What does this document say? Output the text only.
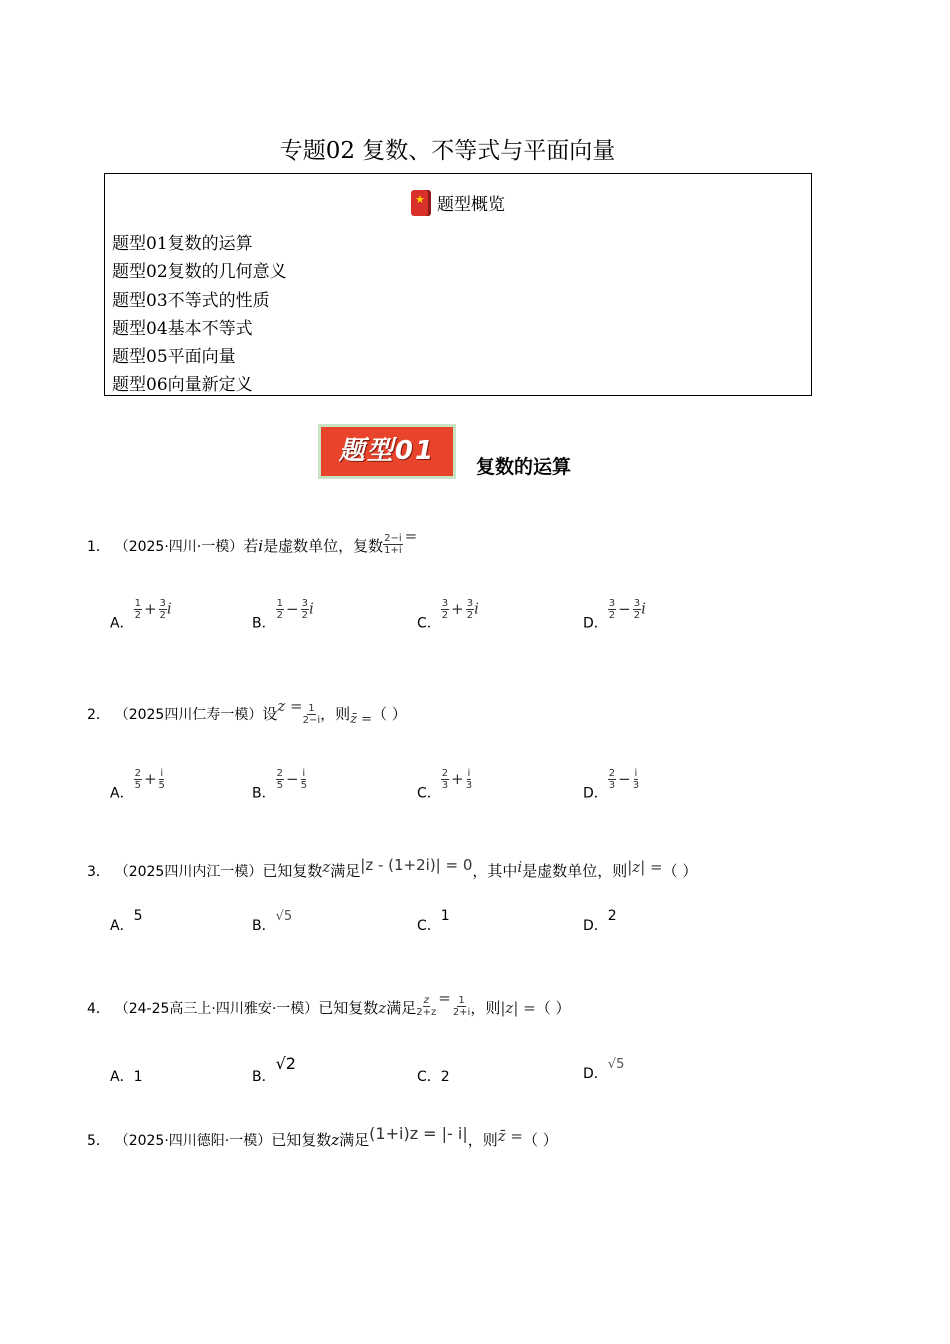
专题02 复数、不等式与平面向量
★ 题型概览
题型01复数的运算
题型02复数的几何意义
题型03不等式的性质
题型04基本不等式
题型05平面向量
题型06向量新定义
题型01
复数的运算
1． （2025·四川·一模）若i是虚数单位，复数 $\frac{2-i}{1+i}$ =
A．
$\frac{1}{2} + \frac{3}{2}$ i
B．
$\frac{1}{2} - \frac{3}{2}$ i
C．
$\frac{3}{2} + \frac{3}{2}$ i
D．
$\frac{3}{2} - \frac{3}{2}$ i
2． （2025四川仁寿一模）设$z = \frac{1}{2-i}$ ，则z̄ =（ ）
A．
$\frac{2}{5} + \frac{i}{5}$
B．
$\frac{2}{5} - \frac{i}{5}$
C．
$\frac{2}{3} + \frac{i}{3}$
D．
$\frac{2}{3} - \frac{i}{3}$
3． （2025四川内江一模）已知复数z满足|z - (1+2i)| = 0，其中i是虚数单位，则|z| =（ ）
A．5
B．√5
C．1
D．2
4． （24-25高三上·四川雅安·一模）已知复数z满足 $\frac{z}{2+z} = \frac{1}{2+i}$ ，则|z| =（ ）
A．1	B．√2
C．2	D．√5
5． （2025·四川德阳·一模）已知复数z满足(1+i)z = |- i|，则z̄ =（ ）
